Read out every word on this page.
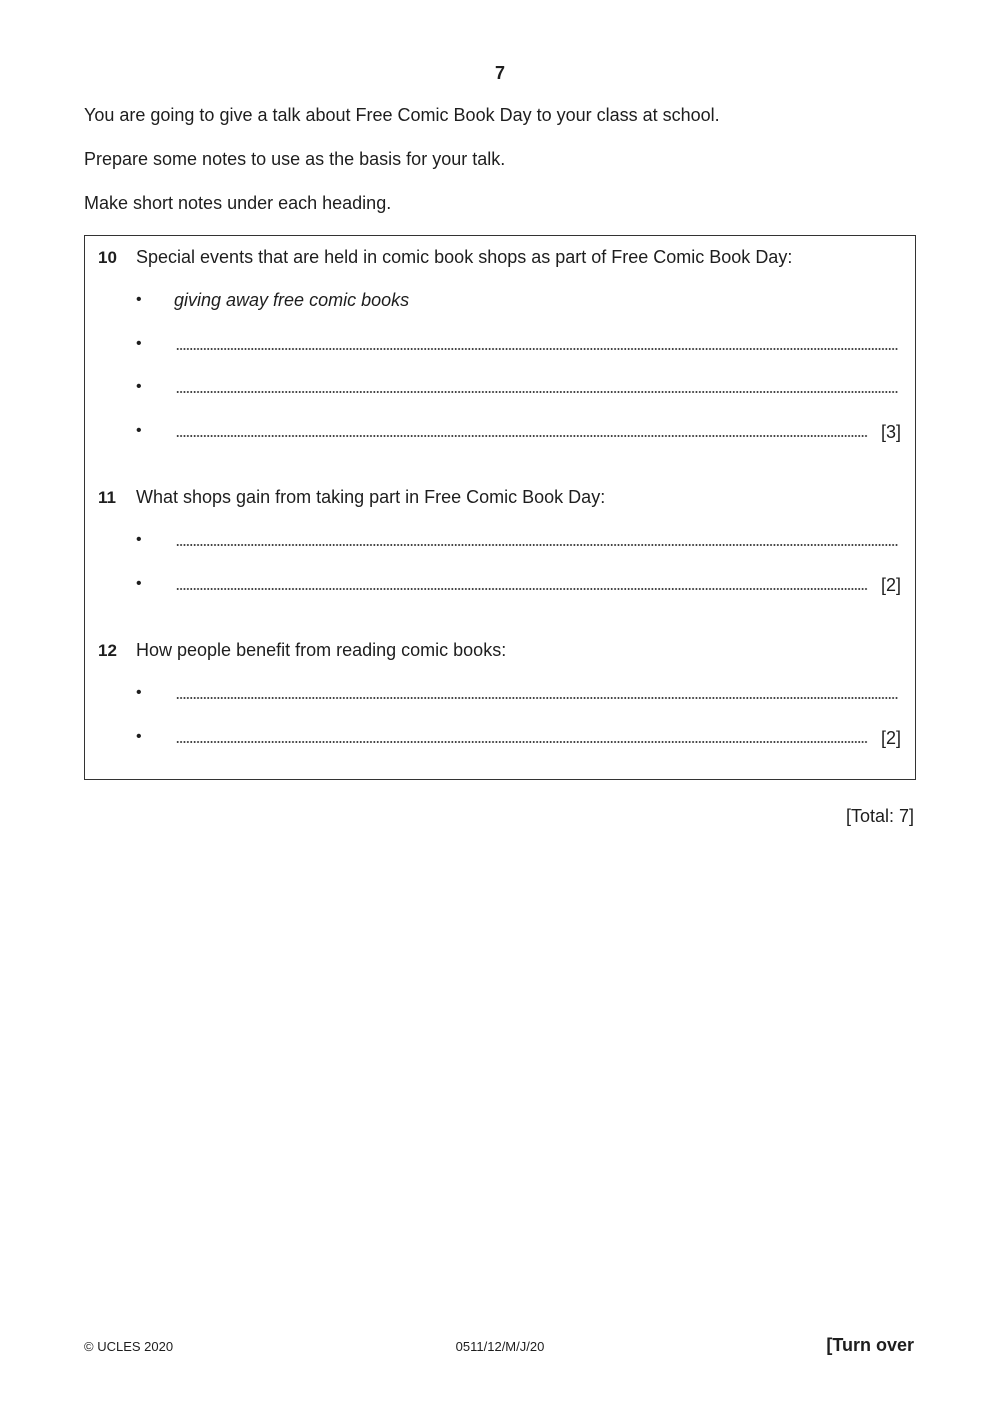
7
You are going to give a talk about Free Comic Book Day to your class at school.
Prepare some notes to use as the basis for your talk.
Make short notes under each heading.
10 Special events that are held in comic book shops as part of Free Comic Book Day:
• giving away free comic books
•
•
•	[3]
11 What shops gain from taking part in Free Comic Book Day:
•
•	[2]
12 How people benefit from reading comic books:
•
•	[2]
[Total: 7]
© UCLES 2020	0511/12/M/J/20	[Turn over
